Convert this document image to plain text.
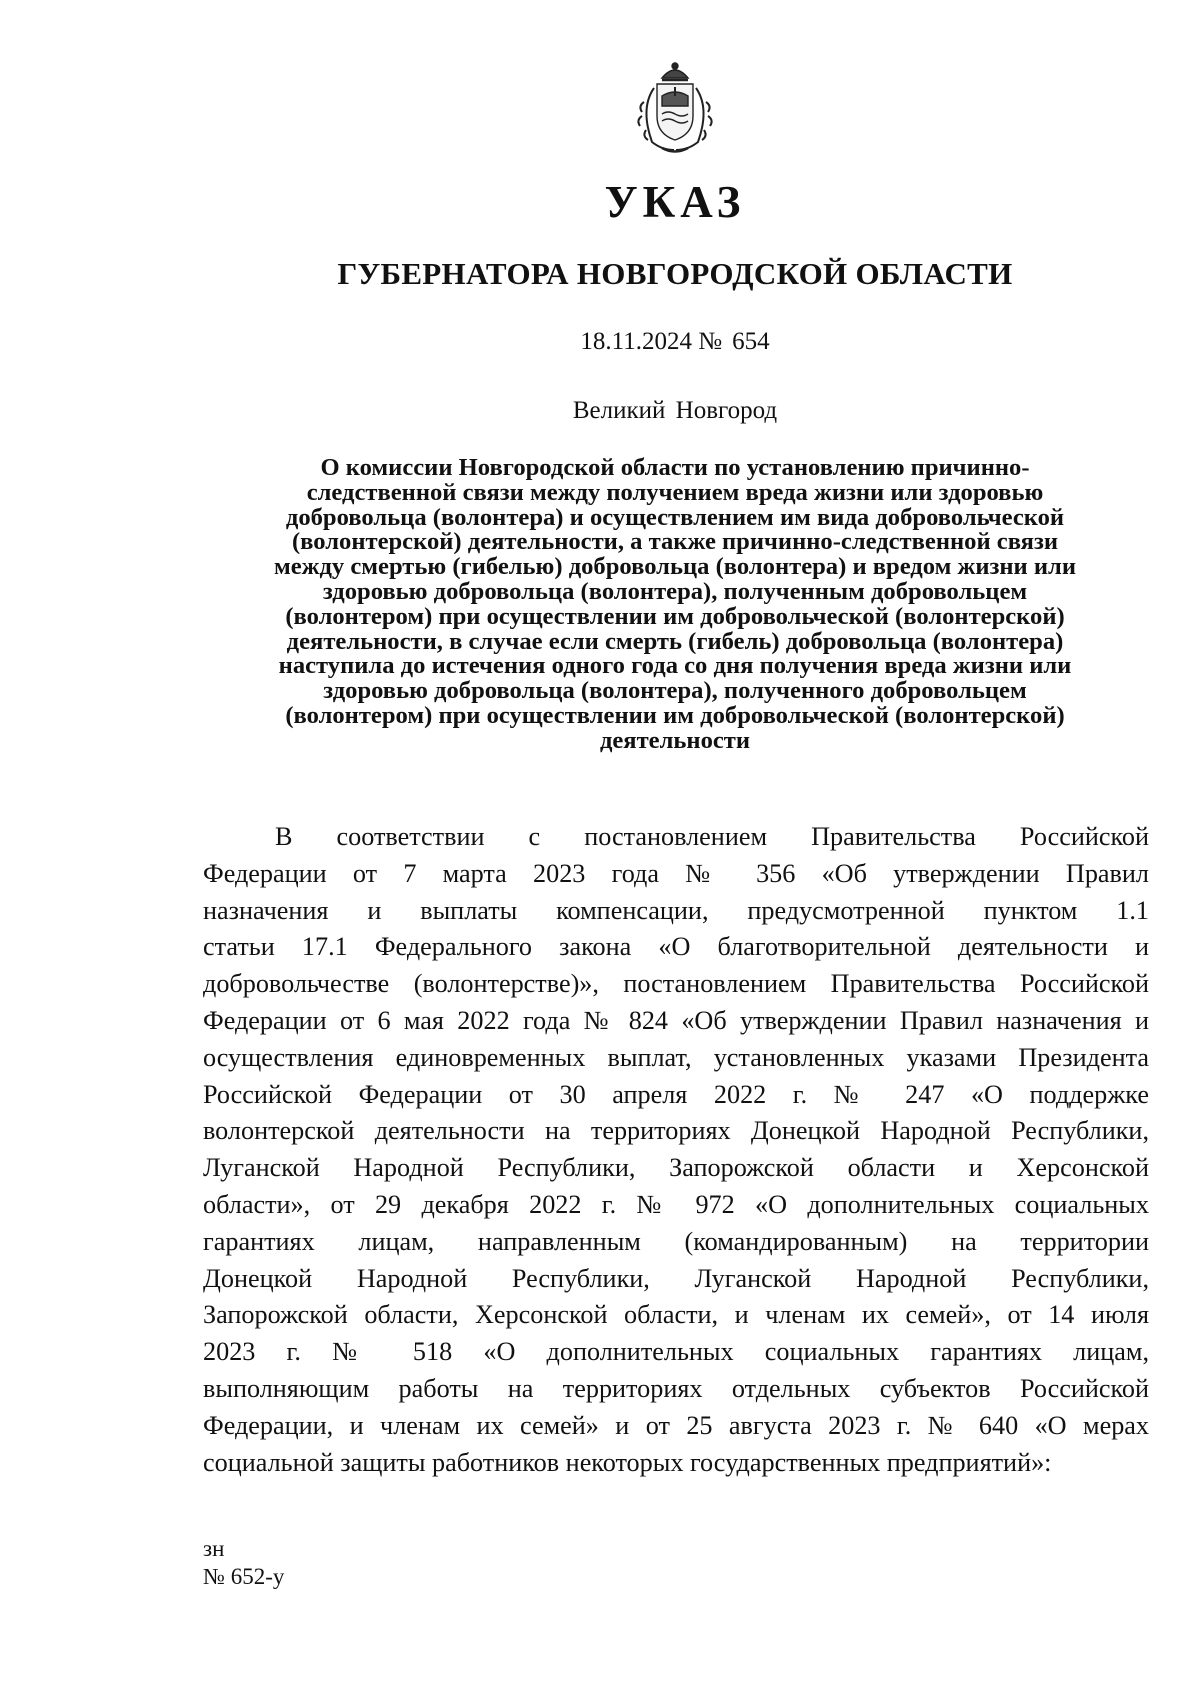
УКАЗ
ГУБЕРНАТОРА НОВГОРОДСКОЙ ОБЛАСТИ
18.11.2024 № 654
Великий Новгород
О комиссии Новгородской области по установлению причинно-
следственной связи между получением вреда жизни или здоровью
добровольца (волонтера) и осуществлением им вида добровольческой
(волонтерской) деятельности, а также причинно-следственной связи
между смертью (гибелью) добровольца (волонтера) и вредом жизни или
здоровью добровольца (волонтера), полученным добровольцем
(волонтером) при осуществлении им добровольческой (волонтерской)
деятельности, в случае если смерть (гибель) добровольца (волонтера)
наступила до истечения одного года со дня получения вреда жизни или
здоровью добровольца (волонтера), полученного добровольцем
(волонтером) при осуществлении им добровольческой (волонтерской)
деятельности
В соответствии с постановлением Правительства Российской
Федерации от 7 марта 2023 года № 356 «Об утверждении Правил
назначения и выплаты компенсации, предусмотренной пунктом 1.1
статьи 17.1 Федерального закона «О благотворительной деятельности и
добровольчестве (волонтерстве)», постановлением Правительства Российской
Федерации от 6 мая 2022 года № 824 «Об утверждении Правил назначения и
осуществления единовременных выплат, установленных указами Президента
Российской Федерации от 30 апреля 2022 г. № 247 «О поддержке
волонтерской деятельности на территориях Донецкой Народной Республики,
Луганской Народной Республики, Запорожской области и Херсонской
области», от 29 декабря 2022 г. № 972 «О дополнительных социальных
гарантиях лицам, направленным (командированным) на территории
Донецкой Народной Республики, Луганской Народной Республики,
Запорожской области, Херсонской области, и членам их семей», от 14 июля
2023 г. № 518 «О дополнительных социальных гарантиях лицам,
выполняющим работы на территориях отдельных субъектов Российской
Федерации, и членам их семей» и от 25 августа 2023 г. № 640 «О мерах
социальной защиты работников некоторых государственных предприятий»:
зн
№ 652-у
